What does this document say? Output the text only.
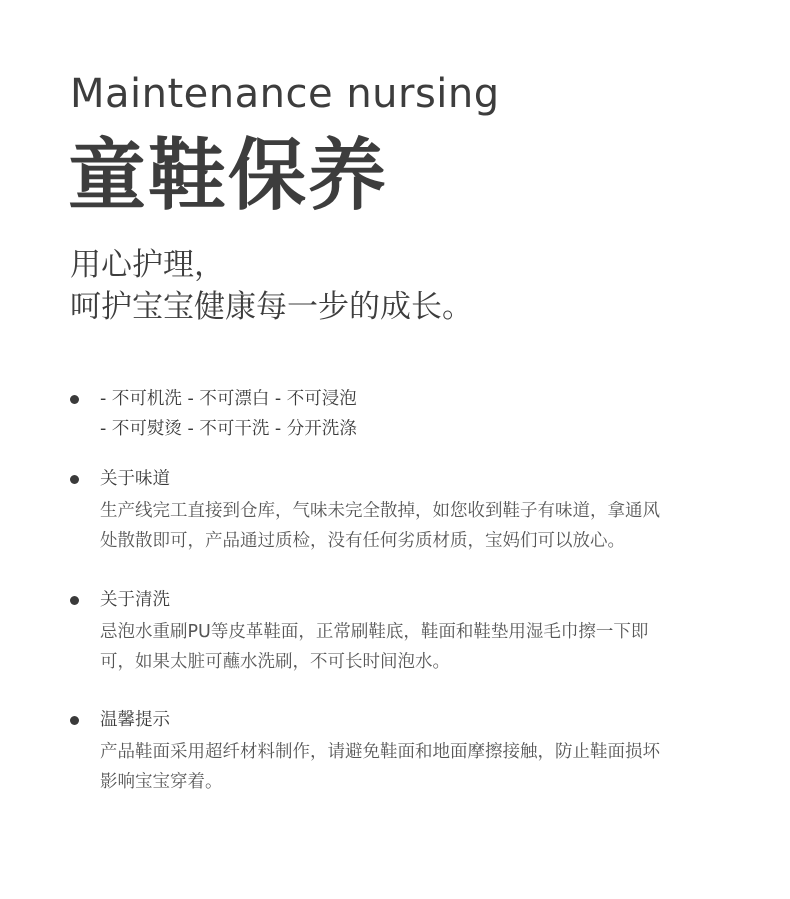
Maintenance nursing
童鞋保养
用心护理，
呵护宝宝健康每一步的成长。
- 不可机洗 - 不可漂白 - 不可浸泡
- 不可熨烫 - 不可干洗 - 分开洗涤
关于味道
生产线完工直接到仓库，气味未完全散掉，如您收到鞋子有味道，拿通风
处散散即可，产品通过质检，没有任何劣质材质，宝妈们可以放心。
关于清洗
忌泡水重刷PU等皮革鞋面，正常刷鞋底，鞋面和鞋垫用湿毛巾擦一下即
可，如果太脏可蘸水洗刷，不可长时间泡水。
温馨提示
产品鞋面采用超纤材料制作，请避免鞋面和地面摩擦接触，防止鞋面损坏
影响宝宝穿着。
